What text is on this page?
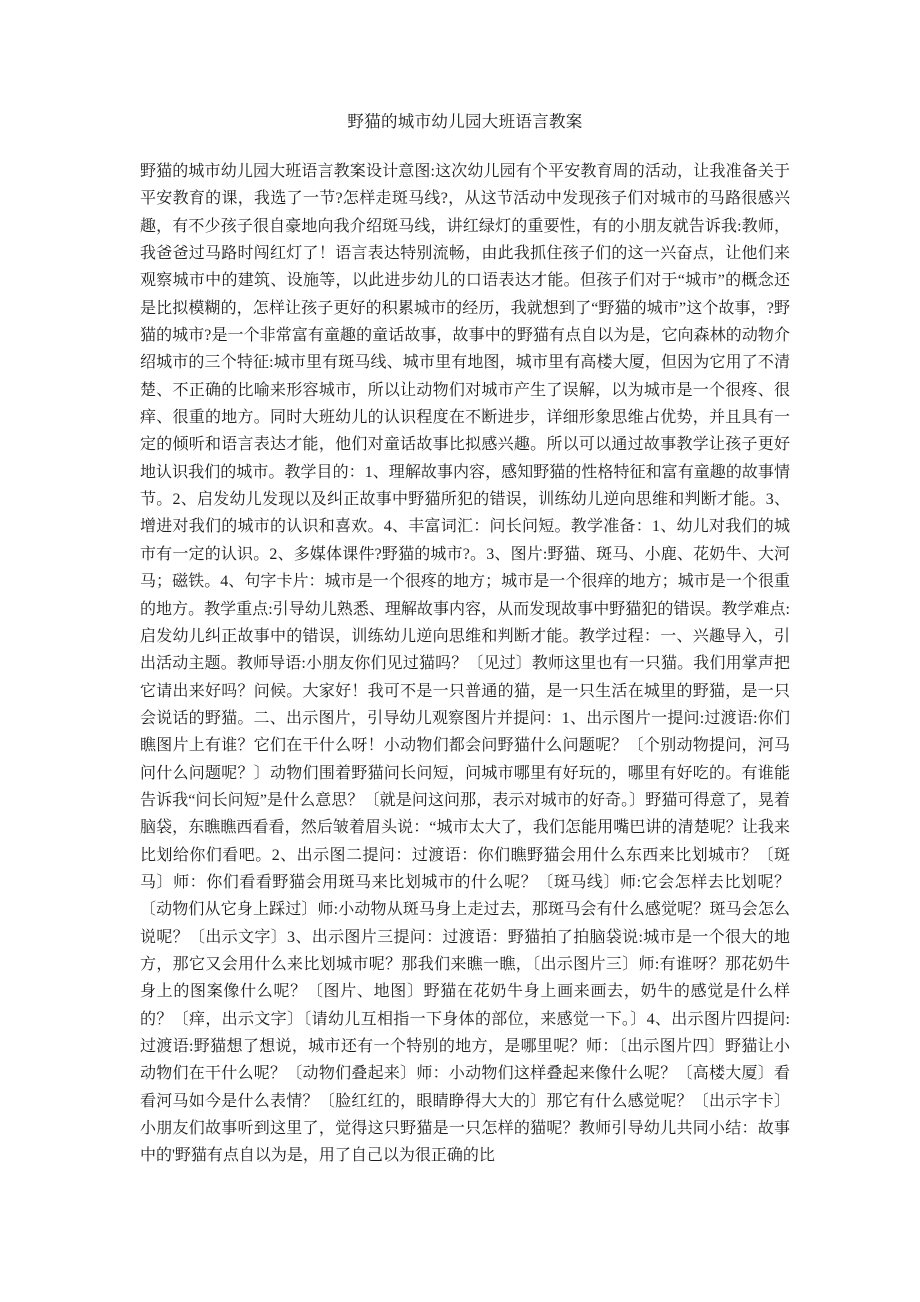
野猫的城市幼儿园大班语言教案

野猫的城市幼儿园大班语言教案设计意图:这次幼儿园有个平安教育周的活动，让我准备关于平安教育的课，我选了一节?怎样走斑马线?，从这节活动中发现孩子们对城市的马路很感兴趣，有不少孩子很自豪地向我介绍斑马线，讲红绿灯的重要性，有的小朋友就告诉我:教师，我爸爸过马路时闯红灯了！语言表达特别流畅，由此我抓住孩子们的这一兴奋点，让他们来观察城市中的建筑、设施等，以此进步幼儿的口语表达才能。但孩子们对于“城市”的概念还是比拟模糊的，怎样让孩子更好的积累城市的经历，我就想到了“野猫的城市”这个故事，?野猫的城市?是一个非常富有童趣的童话故事，故事中的野猫有点自以为是，它向森林的动物介绍城市的三个特征:城市里有斑马线、城市里有地图，城市里有高楼大厦，但因为它用了不清楚、不正确的比喻来形容城市，所以让动物们对城市产生了误解，以为城市是一个很疼、很痒、很重的地方。同时大班幼儿的认识程度在不断进步，详细形象思维占优势，并且具有一定的倾听和语言表达才能，他们对童话故事比拟感兴趣。所以可以通过故事教学让孩子更好地认识我们的城市。教学目的：1、理解故事内容，感知野猫的性格特征和富有童趣的故事情节。2、启发幼儿发现以及纠正故事中野猫所犯的错误，训练幼儿逆向思维和判断才能。3、增进对我们的城市的认识和喜欢。4、丰富词汇：问长问短。教学准备：1、幼儿对我们的城市有一定的认识。2、多媒体课件?野猫的城市?。3、图片:野猫、斑马、小鹿、花奶牛、大河马；磁铁。4、句字卡片：城市是一个很疼的地方；城市是一个很痒的地方；城市是一个很重的地方。教学重点:引导幼儿熟悉、理解故事内容，从而发现故事中野猫犯的错误。教学难点:启发幼儿纠正故事中的错误，训练幼儿逆向思维和判断才能。教学过程：一、兴趣导入，引出活动主题。教师导语:小朋友你们见过猫吗？〔见过〕教师这里也有一只猫。我们用掌声把它请出来好吗？问候。大家好！我可不是一只普通的猫，是一只生活在城里的野猫，是一只会说话的野猫。二、出示图片，引导幼儿观察图片并提问：1、出示图片一提问:过渡语:你们瞧图片上有谁？它们在干什么呀！小动物们都会问野猫什么问题呢？〔个别动物提问，河马问什么问题呢？〕动物们围着野猫问长问短，问城市哪里有好玩的，哪里有好吃的。有谁能告诉我“问长问短”是什么意思？〔就是问这问那，表示对城市的好奇。〕野猫可得意了，晃着脑袋，东瞧瞧西看看，然后皱着眉头说：“城市太大了，我们怎能用嘴巴讲的清楚呢？让我来比划给你们看吧。2、出示图二提问：过渡语：你们瞧野猫会用什么东西来比划城市？〔斑马〕师：你们看看野猫会用斑马来比划城市的什么呢？〔斑马线〕师:它会怎样去比划呢？〔动物们从它身上踩过〕师:小动物从斑马身上走过去，那斑马会有什么感觉呢？斑马会怎么说呢？〔出示文字〕3、出示图片三提问：过渡语：野猫拍了拍脑袋说:城市是一个很大的地方，那它又会用什么来比划城市呢？那我们来瞧一瞧，〔出示图片三〕师:有谁呀？那花奶牛身上的图案像什么呢？〔图片、地图〕野猫在花奶牛身上画来画去，奶牛的感觉是什么样的？〔痒，出示文字〕〔请幼儿互相指一下身体的部位，来感觉一下。〕4、出示图片四提问:过渡语:野猫想了想说，城市还有一个特别的地方，是哪里呢？师：〔出示图片四〕野猫让小动物们在干什么呢？〔动物们叠起来〕师：小动物们这样叠起来像什么呢？〔高楼大厦〕看看河马如今是什么表情？〔脸红红的，眼睛睁得大大的〕那它有什么感觉呢？〔出示字卡〕小朋友们故事听到这里了，觉得这只野猫是一只怎样的猫呢？教师引导幼儿共同小结：故事中的'野猫有点自以为是，用了自己以为很正确的比
